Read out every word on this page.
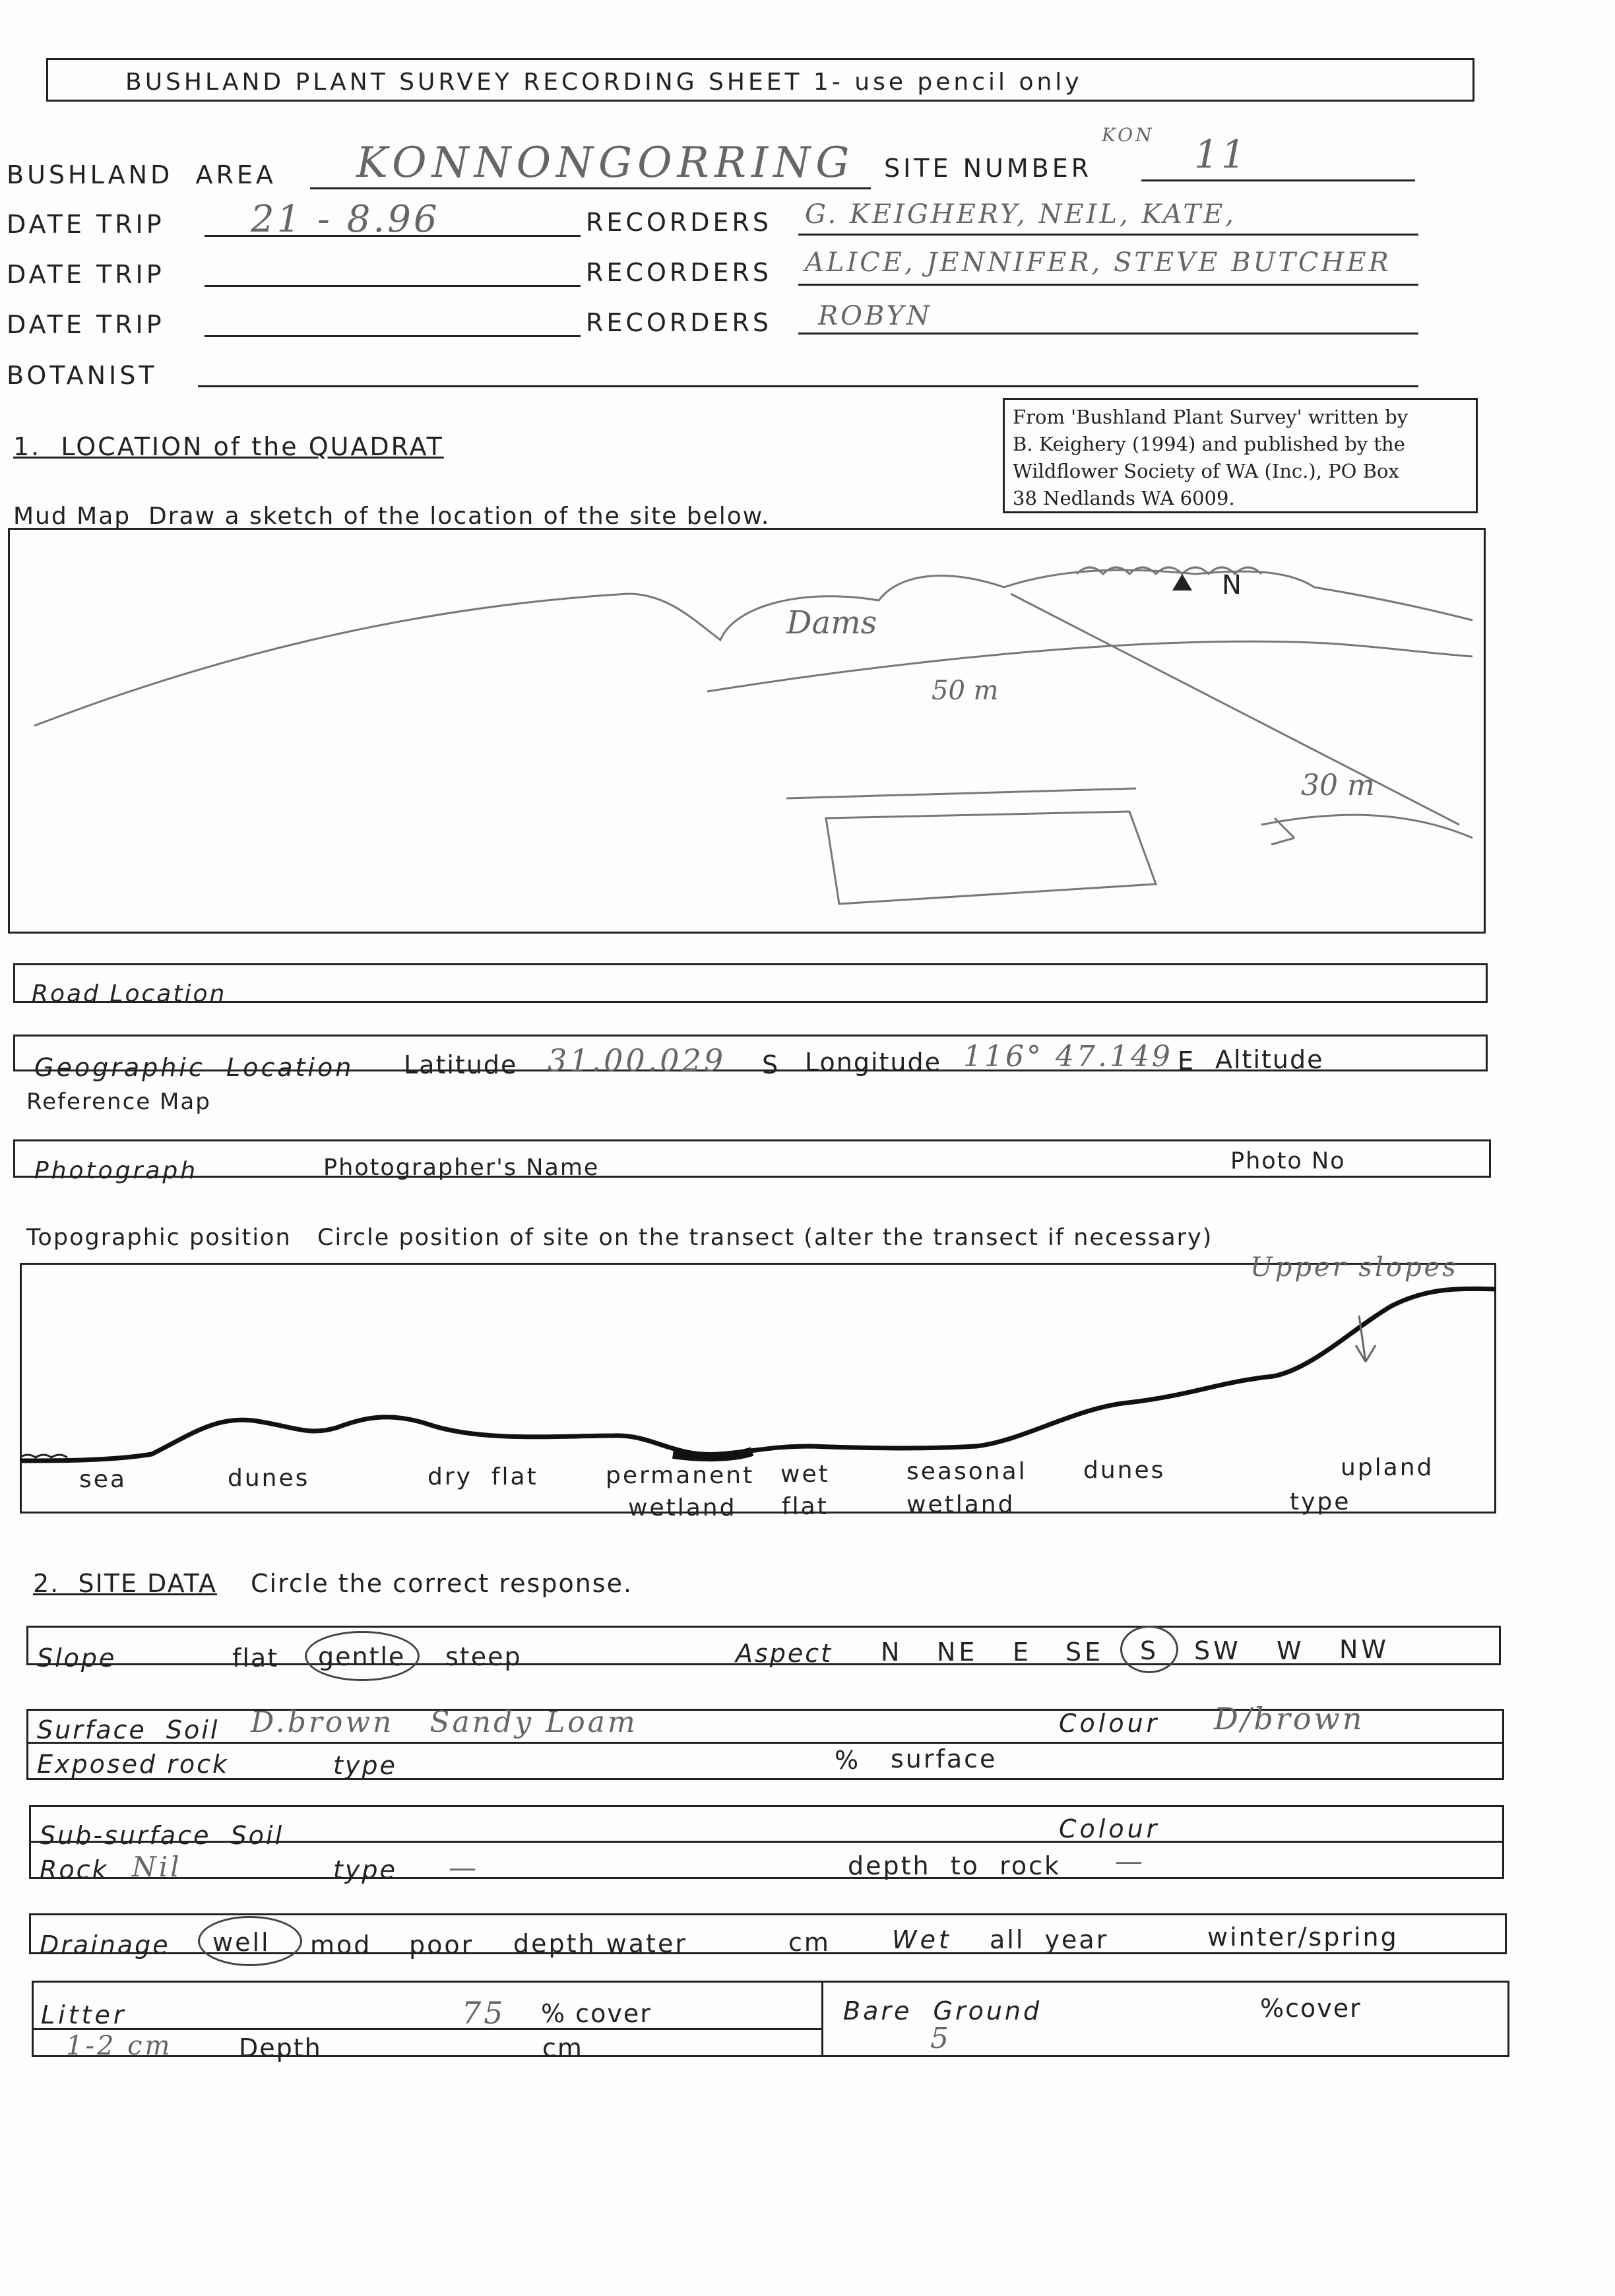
BUSHLAND PLANT SURVEY RECORDING SHEET 1- use pencil only
BUSHLAND  AREA KONNONGORRING SITE NUMBER
KON 11
DATE TRIP 21 - 8.96	RECORDERS G. KEIGHERY, NEIL, KATE,
DATE TRIP	RECORDERS ALICE, JENNIFER, STEVE BUTCHER
DATE TRIP	RECORDERS ROBYN
BOTANIST
From 'Bushland Plant Survey' written by
B. Keighery (1994) and published by the
Wildflower Society of WA (Inc.), PO Box
38 Nedlands WA 6009.
1.  LOCATION of the QUADRAT
Mud Map  Draw a sketch of the location of the site below.
N
Dams
50 m
30 m
Road Location
Geographic  Location Latitude 31.00.029 S Longitude 116° 47.149 E Altitude
Reference Map
Photograph	Photographer's Name	Photo No
Topographic position   Circle position of site on the transect (alter the transect if necessary)
Upper slopes
sea	dunes	dry  flat	permanent
wetland
wet
flat
seasonal
wetland
dunes	upland
type
2.  SITE DATA Circle the correct response.
Slope	flat gentle steep	Aspect N NE E SE S SW W NW
Surface  Soil D.brown   Sandy Loam	Colour D/brown
Exposed rock	type	% surface
Sub-surface  Soil	Colour
Rock Nil	type —	depth  to  rock —
Drainage well mod poor depth water	cm Wet all  year	winter/spring
Litter	75 % cover
1-2 cm	Depth	cm
Bare  Ground
5
%cover
